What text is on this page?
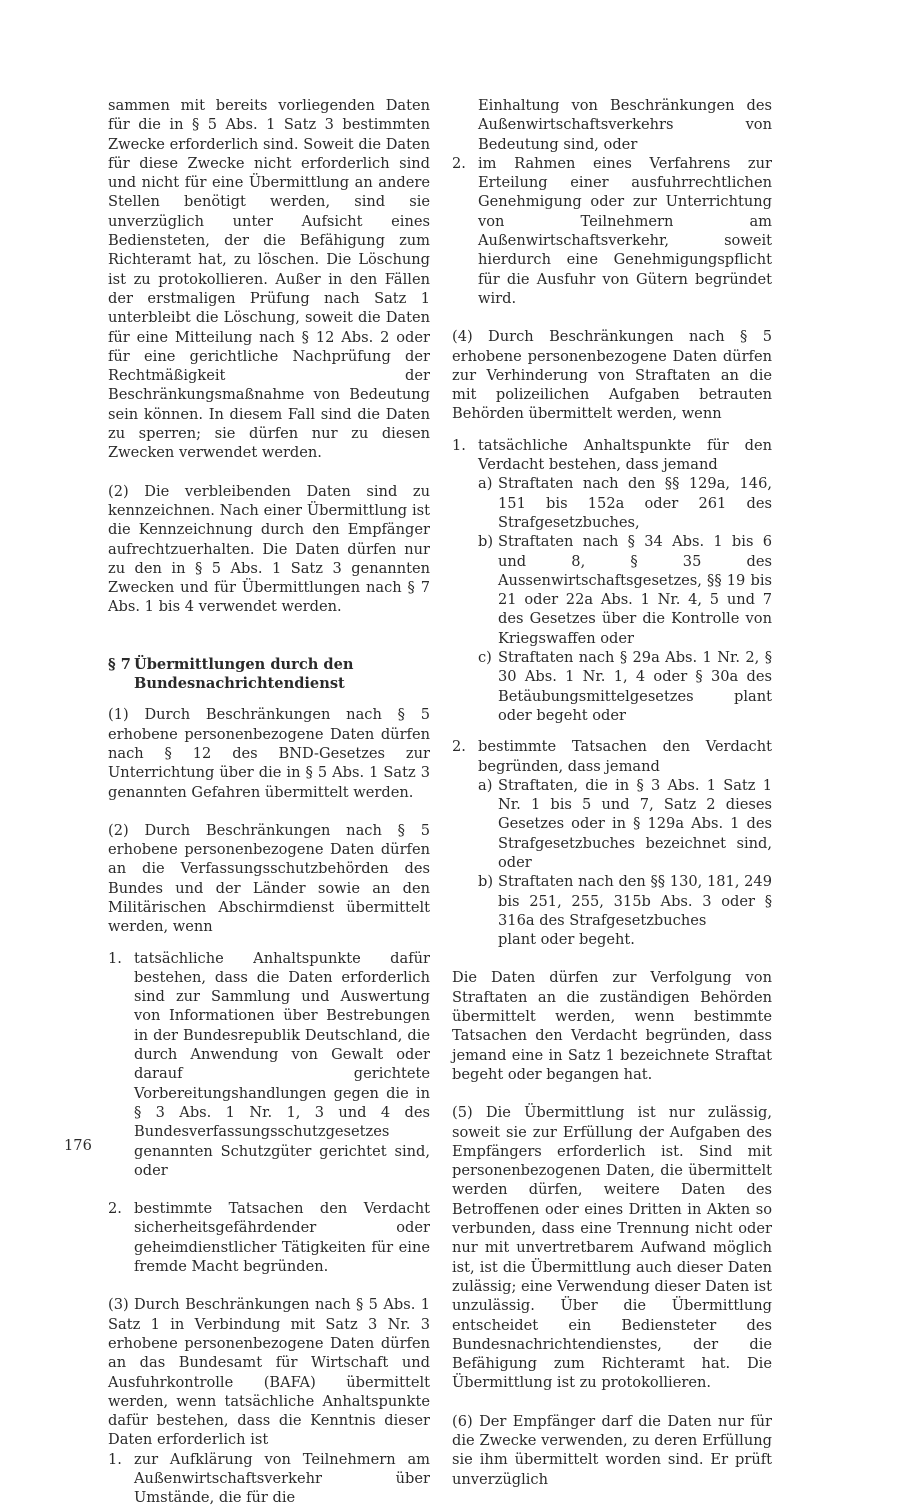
sammen mit bereits vorliegenden Daten für die in § 5 Abs. 1 Satz 3 bestimmten Zwecke erforderlich sind. Soweit die Daten für diese Zwecke nicht erforderlich sind und nicht für eine Übermittlung an andere Stellen benötigt werden, sind sie unverzüglich unter Aufsicht eines Bediensteten, der die Befähigung zum Richteramt hat, zu löschen. Die Löschung ist zu protokollieren. Außer in den Fällen der erstmaligen Prüfung nach Satz 1 unterbleibt die Löschung, soweit die Daten für eine Mitteilung nach § 12 Abs. 2 oder für eine gerichtliche Nachprüfung der Rechtmäßigkeit der Beschränkungsmaßnahme von Bedeutung sein können. In diesem Fall sind die Daten zu sperren; sie dürfen nur zu diesen Zwecken verwendet werden.

(2) Die verbleibenden Daten sind zu kennzeichnen. Nach einer Übermittlung ist die Kennzeichnung durch den Empfänger aufrechtzuerhalten. Die Daten dürfen nur zu den in § 5 Abs. 1 Satz 3 genannten Zwecken und für Übermittlungen nach § 7 Abs. 1 bis 4 verwendet werden.

§ 7 Übermittlungen durch den Bundesnachrichtendienst

(1) Durch Beschränkungen nach § 5 erhobene personenbezogene Daten dürfen nach § 12 des BND-Gesetzes zur Unterrichtung über die in § 5 Abs. 1 Satz 3 genannten Gefahren übermittelt werden.

(2) Durch Beschränkungen nach § 5 erhobene personenbezogene Daten dürfen an die Verfassungsschutzbehörden des Bundes und der Länder sowie an den Militärischen Abschirmdienst übermittelt werden, wenn

1. tatsächliche Anhaltspunkte dafür bestehen, dass die Daten erforderlich sind zur Sammlung und Auswertung von Informationen über Bestrebungen in der Bundesrepublik Deutschland, die durch Anwendung von Gewalt oder darauf gerichtete Vorbereitungshandlungen gegen die in § 3 Abs. 1 Nr. 1, 3 und 4 des Bundesverfassungsschutzgesetzes genannten Schutzgüter gerichtet sind, oder
2. bestimmte Tatsachen den Verdacht sicherheitsgefährdender oder geheimdienstlicher Tätigkeiten für eine fremde Macht begründen.

(3) Durch Beschränkungen nach § 5 Abs. 1 Satz 1 in Verbindung mit Satz 3 Nr. 3 erhobene personenbezogene Daten dürfen an das Bundesamt für Wirtschaft und Ausfuhrkontrolle (BAFA) übermittelt werden, wenn tatsächliche Anhaltspunkte dafür bestehen, dass die Kenntnis dieser Daten erforderlich ist

1. zur Aufklärung von Teilnehmern am Außenwirtschaftsverkehr über Umstände, die für die
Einhaltung von Beschränkungen des Außenwirtschaftsverkehrs von Bedeutung sind, oder
2. im Rahmen eines Verfahrens zur Erteilung einer ausfuhrrechtlichen Genehmigung oder zur Unterrichtung von Teilnehmern am Außenwirtschaftsverkehr, soweit hierdurch eine Genehmigungspflicht für die Ausfuhr von Gütern begründet wird.

(4) Durch Beschränkungen nach § 5 erhobene personenbezogene Daten dürfen zur Verhinderung von Straftaten an die mit polizeilichen Aufgaben betrauten Behörden übermittelt werden, wenn

1. tatsächliche Anhaltspunkte für den Verdacht bestehen, dass jemand
a) Straftaten nach den §§ 129a, 146, 151 bis 152a oder 261 des Strafgesetzbuches,
b) Straftaten nach § 34 Abs. 1 bis 6 und 8, § 35 des Aussenwirtschaftsgesetzes, §§ 19 bis 21 oder 22a Abs. 1 Nr. 4, 5 und 7 des Gesetzes über die Kontrolle von Kriegswaffen oder
c) Straftaten nach § 29a Abs. 1 Nr. 2, § 30 Abs. 1 Nr. 1, 4 oder § 30a des Betäubungsmittelgesetzes plant oder begeht oder
2. bestimmte Tatsachen den Verdacht begründen, dass jemand
a) Straftaten, die in § 3 Abs. 1 Satz 1 Nr. 1 bis 5 und 7, Satz 2 dieses Gesetzes oder in § 129a Abs. 1 des Strafgesetzbuches bezeichnet sind, oder
b) Straftaten nach den §§ 130, 181, 249 bis 251, 255, 315b Abs. 3 oder § 316a des Strafgesetzbuches
plant oder begeht.

Die Daten dürfen zur Verfolgung von Straftaten an die zuständigen Behörden übermittelt werden, wenn bestimmte Tatsachen den Verdacht begründen, dass jemand eine in Satz 1 bezeichnete Straftat begeht oder begangen hat.

(5) Die Übermittlung ist nur zulässig, soweit sie zur Erfüllung der Aufgaben des Empfängers erforderlich ist. Sind mit personenbezogenen Daten, die übermittelt werden dürfen, weitere Daten des Betroffenen oder eines Dritten in Akten so verbunden, dass eine Trennung nicht oder nur mit unvertretbarem Aufwand möglich ist, ist die Übermittlung auch dieser Daten zulässig; eine Verwendung dieser Daten ist unzulässig. Über die Übermittlung entscheidet ein Bediensteter des Bundesnachrichtendienstes, der die Befähigung zum Richteramt hat. Die Übermittlung ist zu protokollieren.

(6) Der Empfänger darf die Daten nur für die Zwecke verwenden, zu deren Erfüllung sie ihm übermittelt worden sind. Er prüft unverzüglich

176
